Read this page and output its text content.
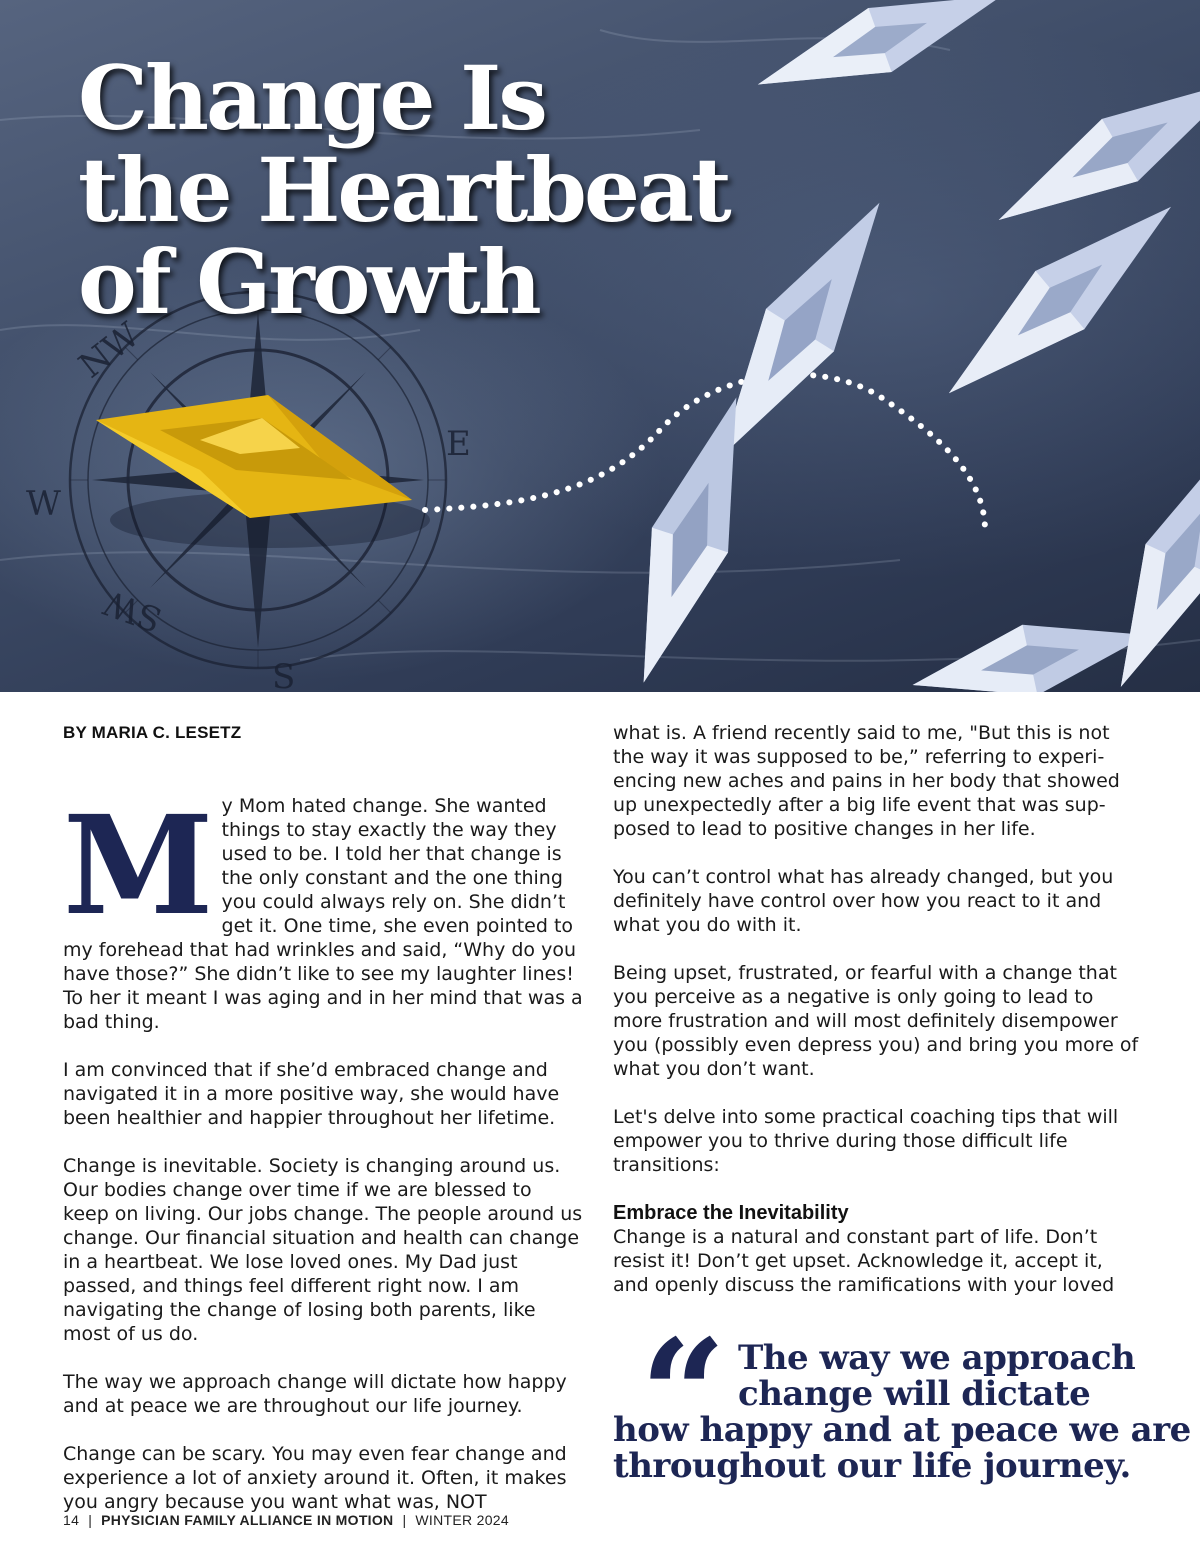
NW
W
E
SW
S
Change Is
the Heartbeat
of Growth

BY MARIA C. LESETZ

My Mom hated change. She wanted things to stay exactly the way they used to be. I told her that change is the only constant and the one thing you could always rely on. She didn’t get it. One time, she even pointed to my forehead that had wrinkles and said, “Why do you have those?” She didn’t like to see my laughter lines! To her it meant I was aging and in her mind that was a bad thing.

I am convinced that if she’d embraced change and navigated it in a more positive way, she would have been healthier and happier throughout her lifetime.

Change is inevitable. Society is changing around us. Our bodies change over time if we are blessed to keep on living. Our jobs change. The people around us change. Our financial situation and health can change in a heartbeat. We lose loved ones. My Dad just passed, and things feel different right now. I am navigating the change of losing both parents, like most of us do.

The way we approach change will dictate how happy and at peace we are throughout our life journey.

Change can be scary. You may even fear change and experience a lot of anxiety around it. Often, it makes you angry because you want what was, NOT

what is. A friend recently said to me, "But this is not the way it was supposed to be,” referring to experiencing new aches and pains in her body that showed up unexpectedly after a big life event that was supposed to lead to positive changes in her life.

You can’t control what has already changed, but you definitely have control over how you react to it and what you do with it.

Being upset, frustrated, or fearful with a change that you perceive as a negative is only going to lead to more frustration and will most definitely disempower you (possibly even depress you) and bring you more of what you don’t want.

Let's delve into some practical coaching tips that will empower you to thrive during those difficult life transitions:

Embrace the Inevitability

Change is a natural and constant part of life. Don’t resist it! Don’t get upset. Acknowledge it, accept it, and openly discuss the ramifications with your loved

“ The way we approach
change will dictate
how happy and at peace we are
throughout our life journey.
14 | PHYSICIAN FAMILY ALLIANCE IN MOTION | WINTER 2024
